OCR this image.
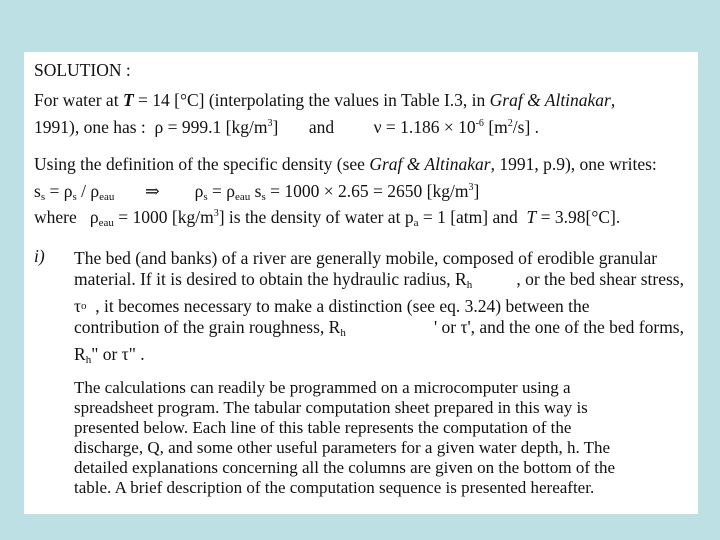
SOLUTION :
For water at T = 14 [°C] (interpolating the values in Table I.3, in Graf & Altinakar,
1991), one has : ρ = 999.1 $[kg/m^3]$ and $\nu = 1.186 \times 10^{-6}$ $[m^2/s]$ .
Using the definition of the specific density (see Graf & Altinakar, 1991, p.9), one writes:
$s_s = \rho_s / \rho_{eau}$ ⇒ $\rho_s = \rho_{eau}$ $s_s = 1000 \times 2.65 = 2650$ $[kg/m^3]$
where $\rho_{eau} = 1000$ $[kg/m^3]$ is the density of water at $p_a = 1$ [atm] and T = 3.98[°C].
i) The bed (and banks) of a river are generally mobile, composed of erodible granular
material. If it is desired to obtain the hydraulic radius, $R_h$	, or the bed shear stress,
τ o
, it becomes necessary to make a distinction (see eq. 3.24) between the
contribution of the grain roughness, $R_h$	' or τ', and the one of the bed forms,
$R_h$" or τ" .
The calculations can readily be programmed on a microcomputer using a
spreadsheet program. The tabular computation sheet prepared in this way is
presented below. Each line of this table represents the computation of the
discharge, Q, and some other useful parameters for a given water depth, h. The
detailed explanations concerning all the columns are given on the bottom of the
table. A brief description of the computation sequence is presented hereafter.
